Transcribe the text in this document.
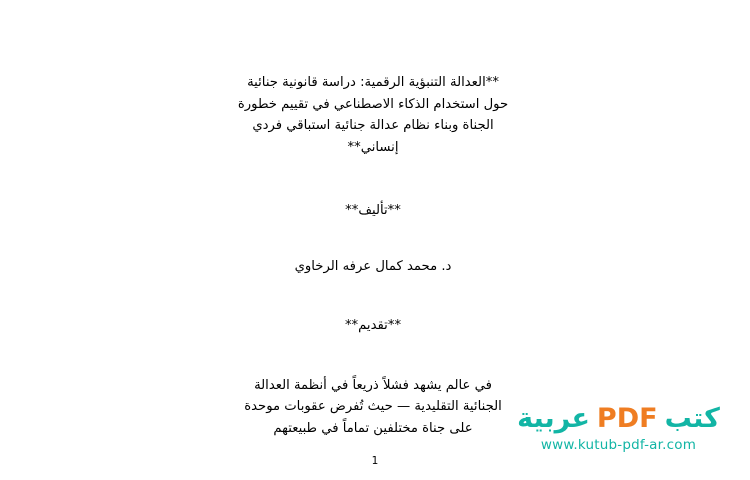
**العدالة التنبؤية الرقمية: دراسة قانونية جنائية حول استخدام الذكاء الاصطناعي في تقييم خطورة الجناة وبناء نظام عدالة جنائية استباقي فردي إنساني**
**تأليف**
د. محمد كمال عرفه الرخاوي
**تقديم**
في عالم يشهد فشلاً ذريعاً في أنظمة العدالة الجنائية التقليدية — حيث تُفرض عقوبات موحدة على جناة مختلفين تماماً في طبيعتهم
1
كتب
PDF
عربية
www.kutub-pdf-ar.com
